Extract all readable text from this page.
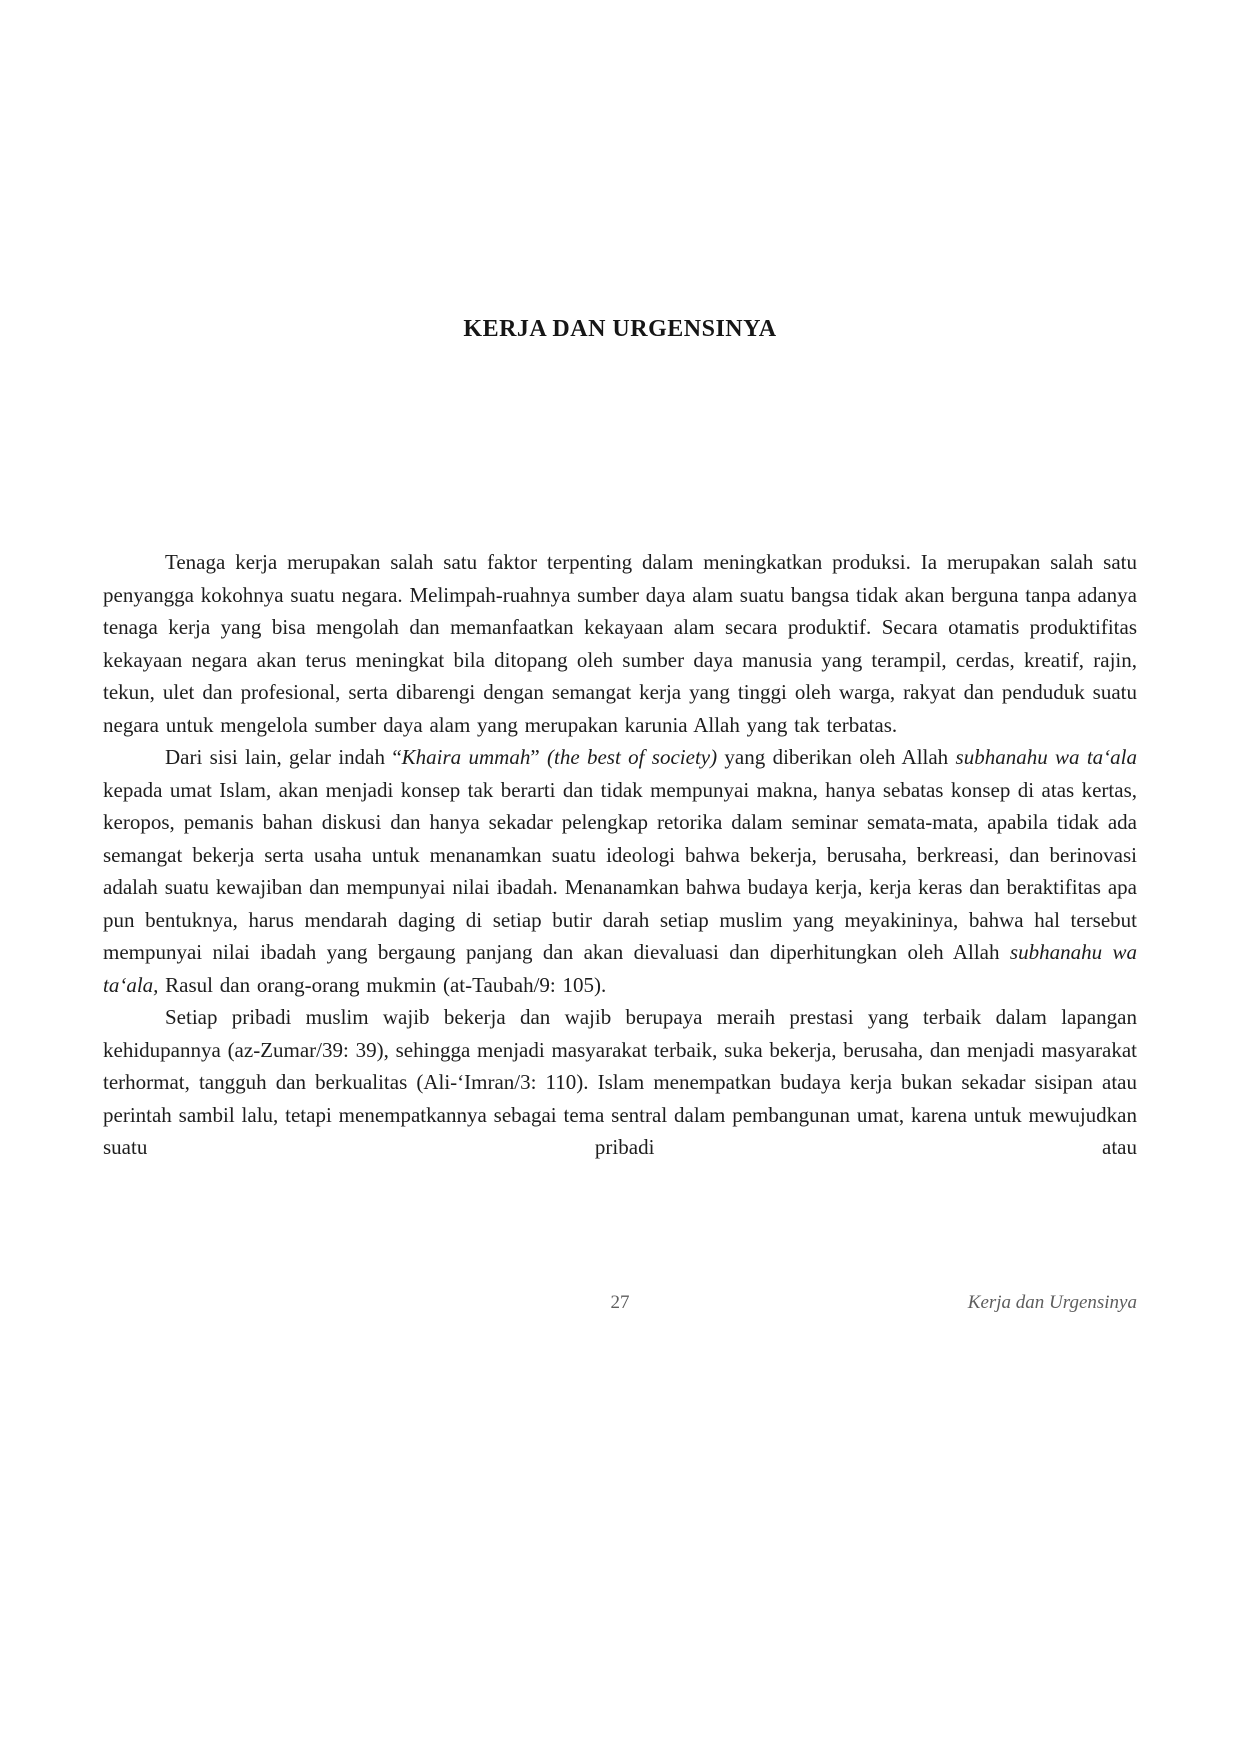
KERJA DAN URGENSINYA

Tenaga kerja merupakan salah satu faktor terpenting dalam meningkatkan produksi. Ia merupakan salah satu penyangga kokohnya suatu negara. Melimpah-ruahnya sumber daya alam suatu bangsa tidak akan berguna tanpa adanya tenaga kerja yang bisa mengolah dan memanfaatkan kekayaan alam secara produktif. Secara otamatis produktifitas kekayaan negara akan terus meningkat bila ditopang oleh sumber daya manusia yang terampil, cerdas, kreatif, rajin, tekun, ulet dan profesional, serta dibarengi dengan semangat kerja yang tinggi oleh warga, rakyat dan penduduk suatu negara untuk mengelola sumber daya alam yang merupakan karunia Allah yang tak terbatas.

Dari sisi lain, gelar indah “Khaira ummah” (the best of society) yang diberikan oleh Allah subhanahu wa ta‘ala kepada umat Islam, akan menjadi konsep tak berarti dan tidak mempunyai makna, hanya sebatas konsep di atas kertas, keropos, pemanis bahan diskusi dan hanya sekadar pelengkap retorika dalam seminar semata-mata, apabila tidak ada semangat bekerja serta usaha untuk menanamkan suatu ideologi bahwa bekerja, berusaha, berkreasi, dan berinovasi adalah suatu kewajiban dan mempunyai nilai ibadah. Menanamkan bahwa budaya kerja, kerja keras dan beraktifitas apa pun bentuknya, harus mendarah daging di setiap butir darah setiap muslim yang meyakininya, bahwa hal tersebut mempunyai nilai ibadah yang bergaung panjang dan akan dievaluasi dan diperhitungkan oleh Allah subhanahu wa ta‘ala, Rasul dan orang-orang mukmin (at-Taubah/9: 105).

Setiap pribadi muslim wajib bekerja dan wajib berupaya meraih prestasi yang terbaik dalam lapangan kehidupannya (az-Zumar/39: 39), sehingga menjadi masyarakat terbaik, suka bekerja, berusaha, dan menjadi masyarakat terhormat, tangguh dan berkualitas (Ali-‘Imran/3: 110). Islam menempatkan budaya kerja bukan sekadar sisipan atau perintah sambil lalu, tetapi menempatkannya sebagai tema sentral dalam pembangunan umat, karena untuk mewujudkan suatu pribadi atau

27	Kerja dan Urgensinya
